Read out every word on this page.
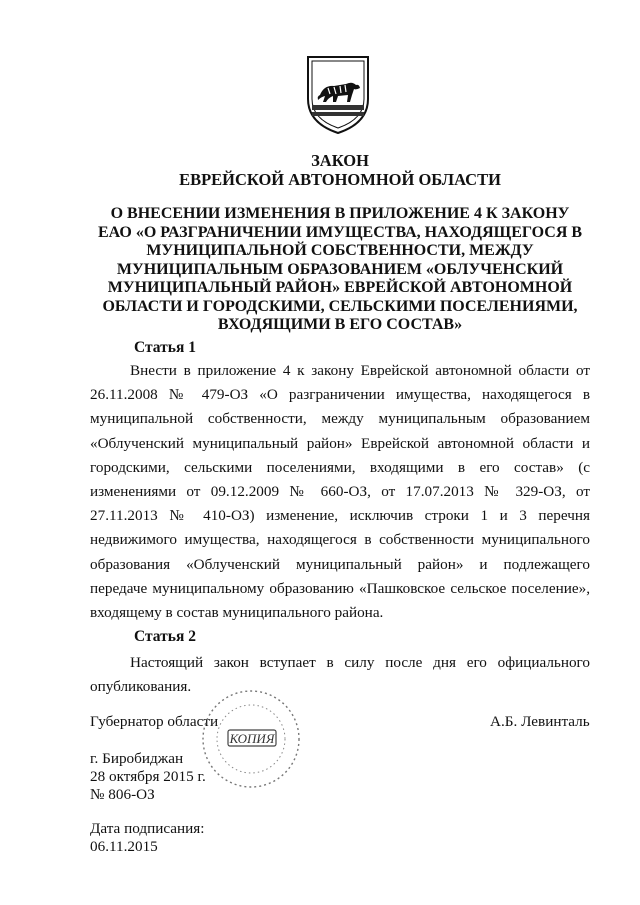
ЗАКОН
ЕВРЕЙСКОЙ АВТОНОМНОЙ ОБЛАСТИ
О ВНЕСЕНИИ ИЗМЕНЕНИЯ В ПРИЛОЖЕНИЕ 4 К ЗАКОНУ
ЕАО «О РАЗГРАНИЧЕНИИ ИМУЩЕСТВА, НАХОДЯЩЕГОСЯ В
МУНИЦИПАЛЬНОЙ СОБСТВЕННОСТИ, МЕЖДУ
МУНИЦИПАЛЬНЫМ ОБРАЗОВАНИЕМ «ОБЛУЧЕНСКИЙ
МУНИЦИПАЛЬНЫЙ РАЙОН» ЕВРЕЙСКОЙ АВТОНОМНОЙ
ОБЛАСТИ И ГОРОДСКИМИ, СЕЛЬСКИМИ ПОСЕЛЕНИЯМИ,
ВХОДЯЩИМИ В ЕГО СОСТАВ»
Статья 1
Внести в приложение 4 к закону Еврейской автономной области от 26.11.2008 № 479-ОЗ «О разграничении имущества, находящегося в муниципальной собственности, между муниципальным образованием «Облученский муниципальный район» Еврейской автономной области и городскими, сельскими поселениями, входящими в его состав» (с изменениями от 09.12.2009 № 660-ОЗ, от 17.07.2013 № 329-ОЗ, от 27.11.2013 № 410-ОЗ) изменение, исключив строки 1 и 3 перечня недвижимого имущества, находящегося в собственности муниципального образования «Облученский муниципальный район» и подлежащего передаче муниципальному образованию «Пашковское сельское поселение», входящему в состав муниципального района.
Статья 2
Настоящий закон вступает в силу после дня его официального опубликования.
Губернатор области	А.Б. Левинталь
КОПИЯ
г. Биробиджан
28 октября 2015 г.
№ 806-ОЗ
Дата подписания:
06.11.2015
